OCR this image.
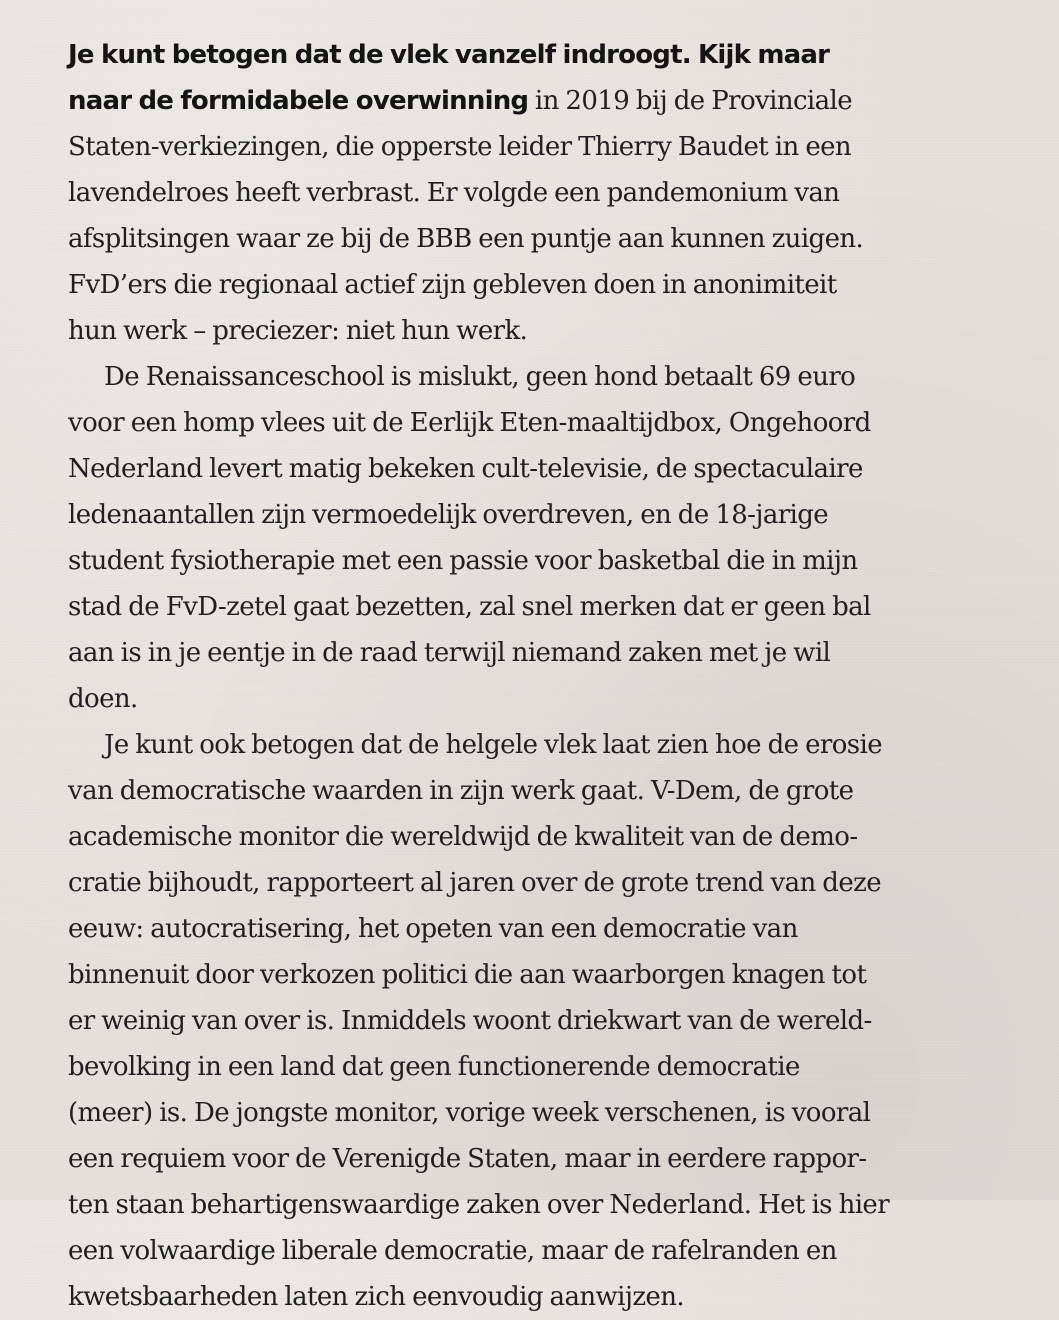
Je kunt betogen dat de vlek vanzelf indroogt. Kijk maar
naar de formidabele overwinning in 2019 bij de Provinciale
Staten-verkiezingen, die opperste leider Thierry Baudet in een
lavendelroes heeft verbrast. Er volgde een pandemonium van
afsplitsingen waar ze bij de BBB een puntje aan kunnen zuigen.
FvD’ers die regionaal actief zijn gebleven doen in anonimiteit
hun werk – preciezer: niet hun werk.
De Renaissanceschool is mislukt, geen hond betaalt 69 euro
voor een homp vlees uit de Eerlijk Eten-maaltijdbox, Ongehoord
Nederland levert matig bekeken cult-televisie, de spectaculaire
ledenaantallen zijn vermoedelijk overdreven, en de 18-jarige
student fysiotherapie met een passie voor basketbal die in mijn
stad de FvD-zetel gaat bezetten, zal snel merken dat er geen bal
aan is in je eentje in de raad terwijl niemand zaken met je wil
doen.
Je kunt ook betogen dat de helgele vlek laat zien hoe de erosie
van democratische waarden in zijn werk gaat. V-Dem, de grote
academische monitor die wereldwijd de kwaliteit van de demo-
cratie bijhoudt, rapporteert al jaren over de grote trend van deze
eeuw: autocratisering, het opeten van een democratie van
binnenuit door verkozen politici die aan waarborgen knagen tot
er weinig van over is. Inmiddels woont driekwart van de wereld-
bevolking in een land dat geen functionerende democratie
(meer) is. De jongste monitor, vorige week verschenen, is vooral
een requiem voor de Verenigde Staten, maar in eerdere rappor-
ten staan behartigenswaardige zaken over Nederland. Het is hier
een volwaardige liberale democratie, maar de rafelranden en
kwetsbaarheden laten zich eenvoudig aanwijzen.
